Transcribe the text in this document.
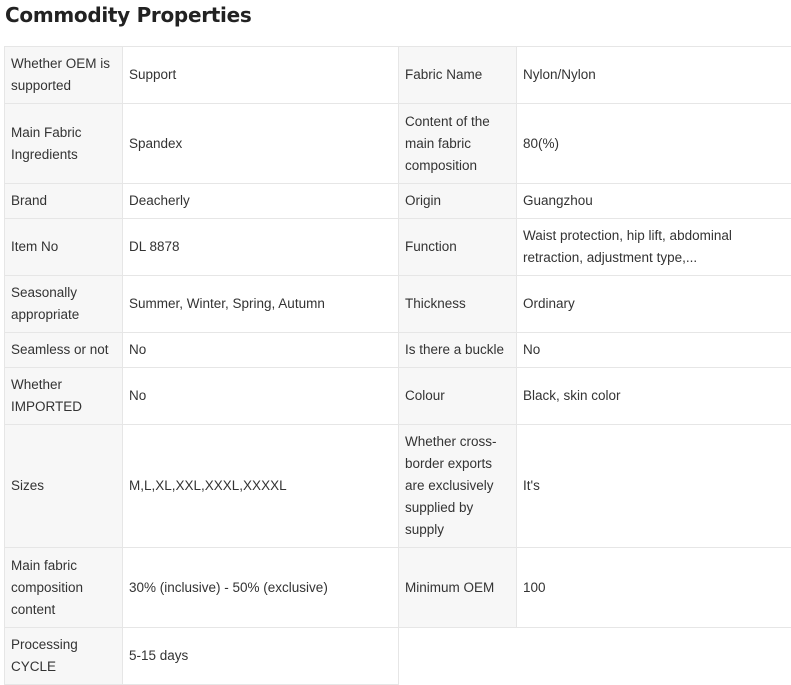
Commodity Properties
Whether OEM is supported	Support	Fabric Name	Nylon/Nylon
Main Fabric Ingredients	Spandex	Content of the main fabric composition	80(%)
Brand	Deacherly	Origin	Guangzhou
Item No	DL 8878	Function	Waist protection, hip lift, abdominal retraction, adjustment type,...
Seasonally appropriate	Summer, Winter, Spring, Autumn	Thickness	Ordinary
Seamless or not	No	Is there a buckle	No
Whether IMPORTED	No	Colour	Black, skin color
Sizes	M,L,XL,XXL,XXXL,XXXXL	Whether cross-border exports are exclusively supplied by supply	It's
Main fabric composition content	30% (inclusive) - 50% (exclusive)	Minimum OEM	100
Processing CYCLE	5-15 days		
